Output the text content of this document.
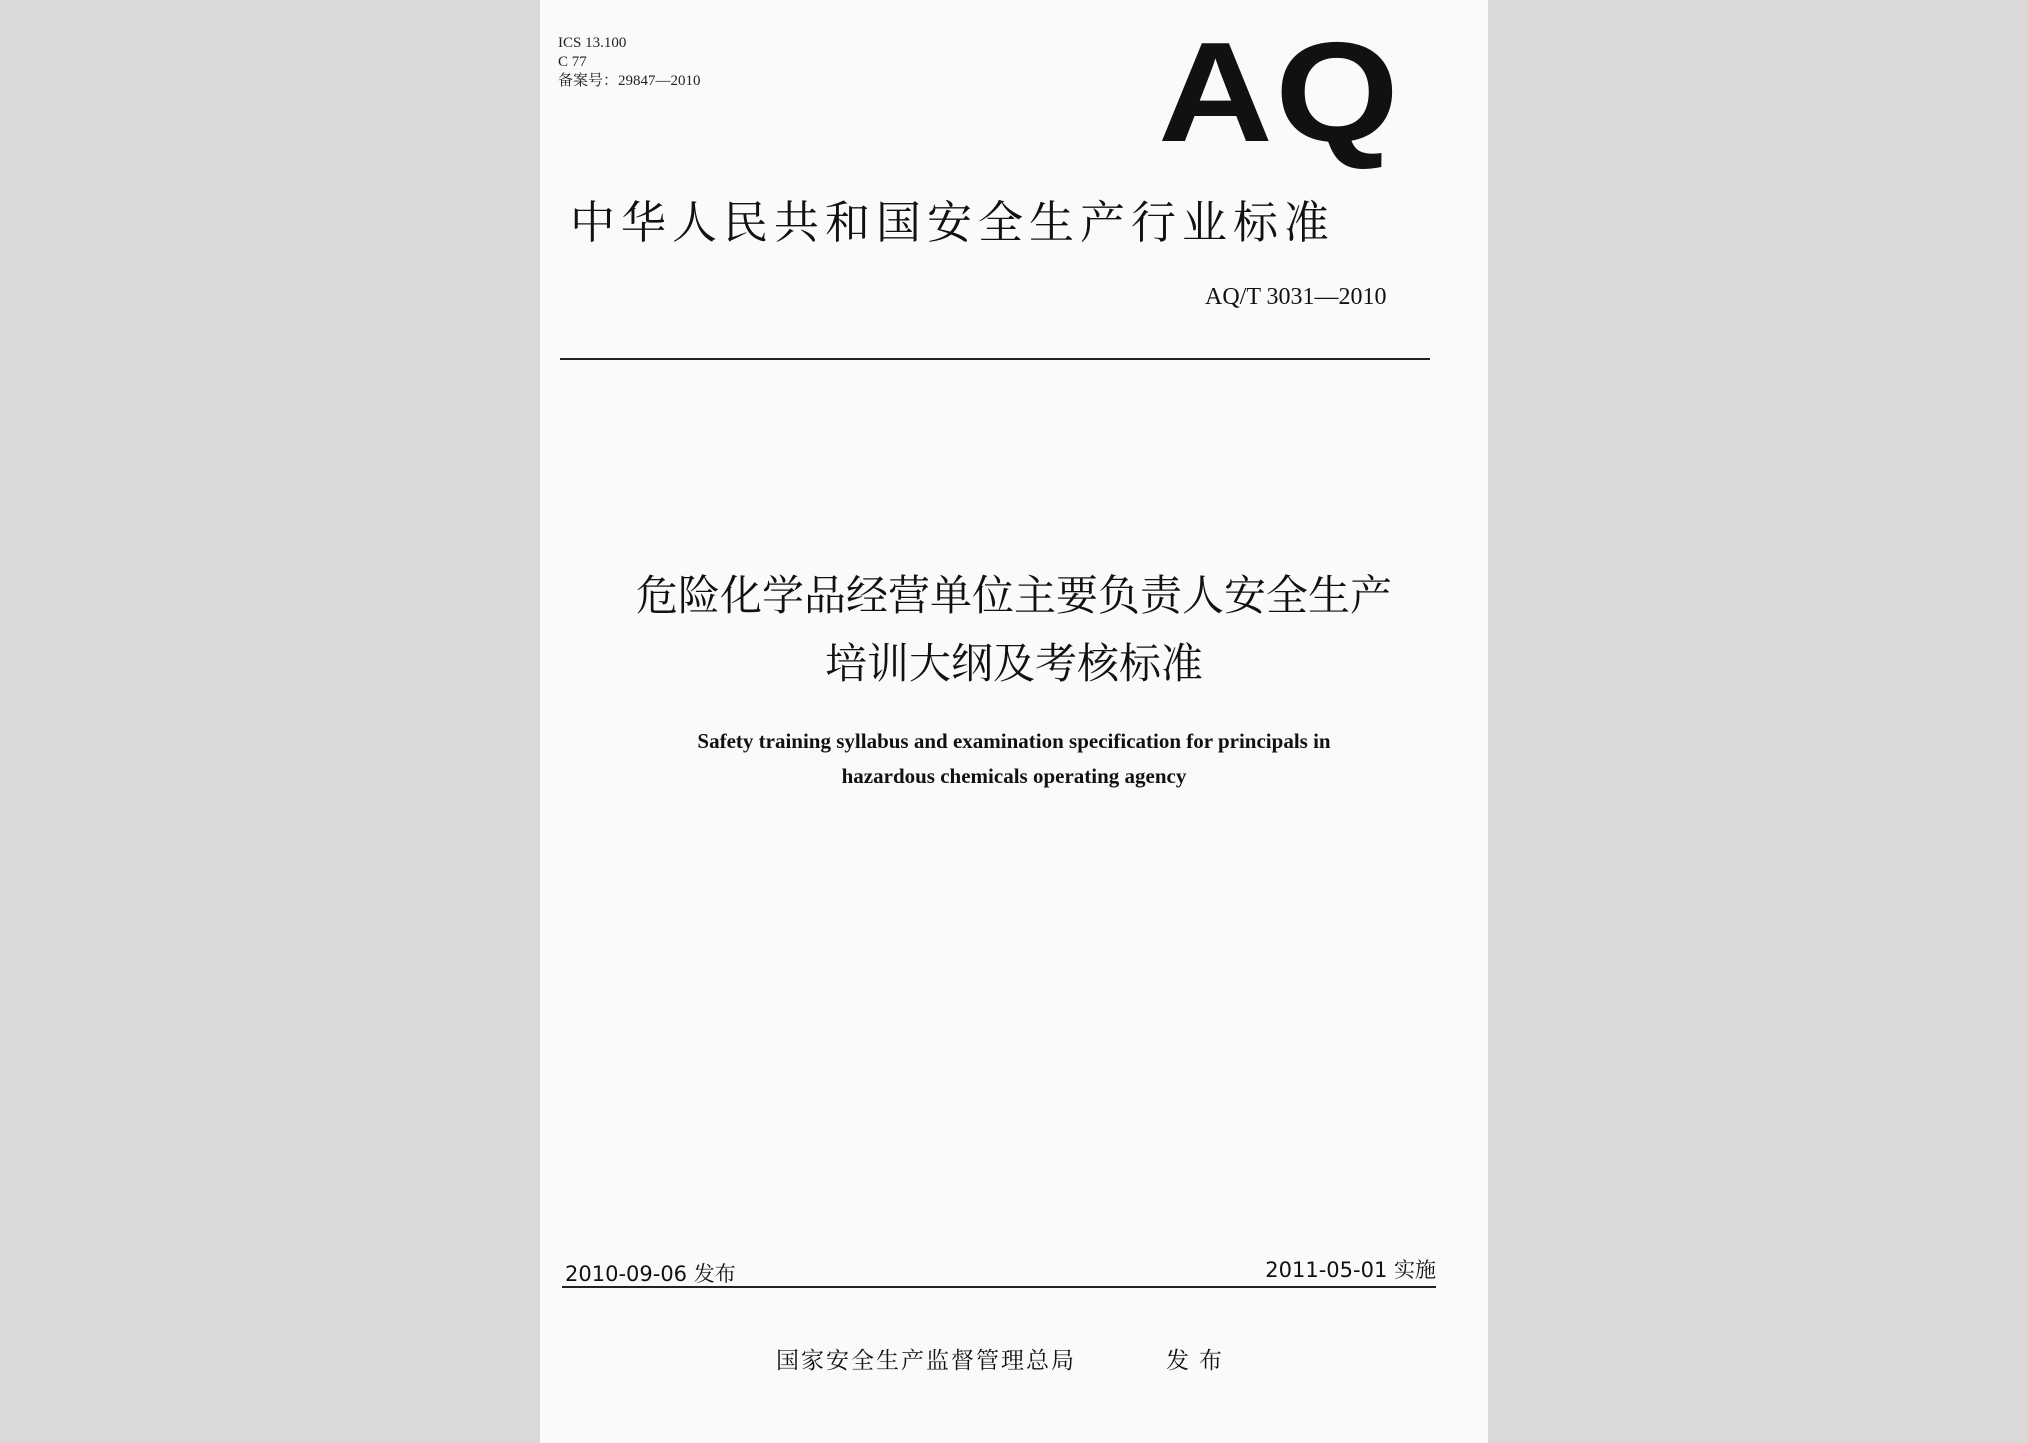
ICS 13.100
C 77
备案号：29847—2010	AQ
中华人民共和国安全生产行业标准
AQ/T 3031—2010
危险化学品经营单位主要负责人安全生产
培训大纲及考核标准
Safety training syllabus and examination specification for principals in
hazardous chemicals operating agency
2010-09-06 发布	2011-05-01 实施
国家安全生产监督管理总局	发布
